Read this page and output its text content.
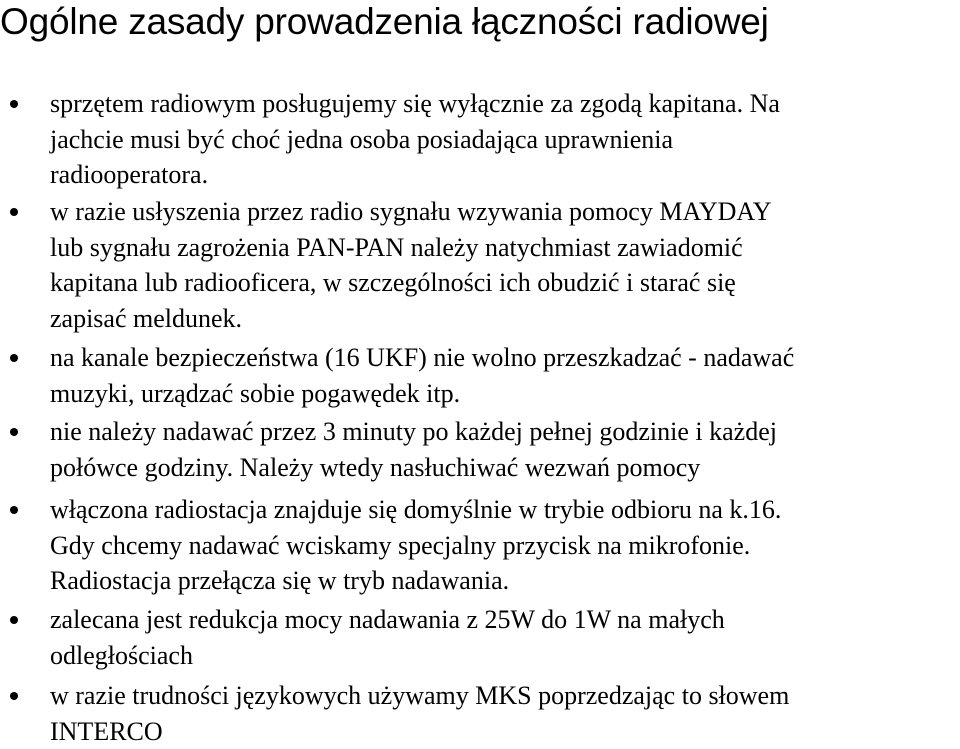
Ogólne zasady prowadzenia łączności radiowej
sprzętem radiowym posługujemy się wyłącznie za zgodą kapitana. Na
jachcie musi być choć jedna osoba posiadająca uprawnienia
radiooperatora.
w razie usłyszenia przez radio sygnału wzywania pomocy MAYDAY
lub sygnału zagrożenia PAN-PAN należy natychmiast zawiadomić
kapitana lub radiooficera, w szczególności ich obudzić i starać się
zapisać meldunek.
na kanale bezpieczeństwa (16 UKF) nie wolno przeszkadzać - nadawać
muzyki, urządzać sobie pogawędek itp.
nie należy nadawać przez 3 minuty po każdej pełnej godzinie i każdej
połówce godziny. Należy wtedy nasłuchiwać wezwań pomocy
włączona radiostacja znajduje się domyślnie w trybie odbioru na k.16.
Gdy chcemy nadawać wciskamy specjalny przycisk na mikrofonie.
Radiostacja przełącza się w tryb nadawania.
zalecana jest redukcja mocy nadawania z 25W do 1W na małych
odległościach
w razie trudności językowych używamy MKS poprzedzając to słowem
INTERCO
